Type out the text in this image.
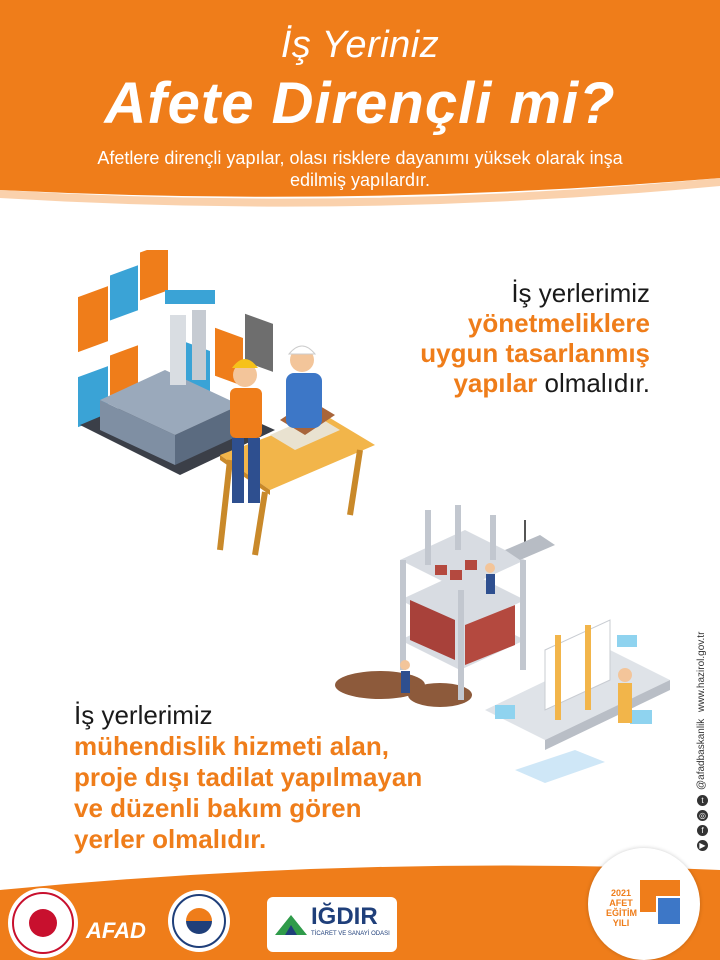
İş Yeriniz
Afete Dirençli mi?
Afetlere dirençli yapılar, olası risklere dayanımı yüksek olarak inşa edilmiş yapılardır.
İş yerlerimiz
yönetmeliklere
uygun tasarlanmış
yapılar olmalıdır.
İş yerlerimiz
mühendislik hizmeti alan,
proje dışı tadilat yapılmayan
ve düzenli bakım gören
yerler olmalıdır.
www.hazirol.gov.tr
@afadbaskanlik
t
◎
f
▶
AFAD
IĞDIR
TİCARET VE SANAYİ ODASI
2021
AFET
EĞİTİM
YILI
